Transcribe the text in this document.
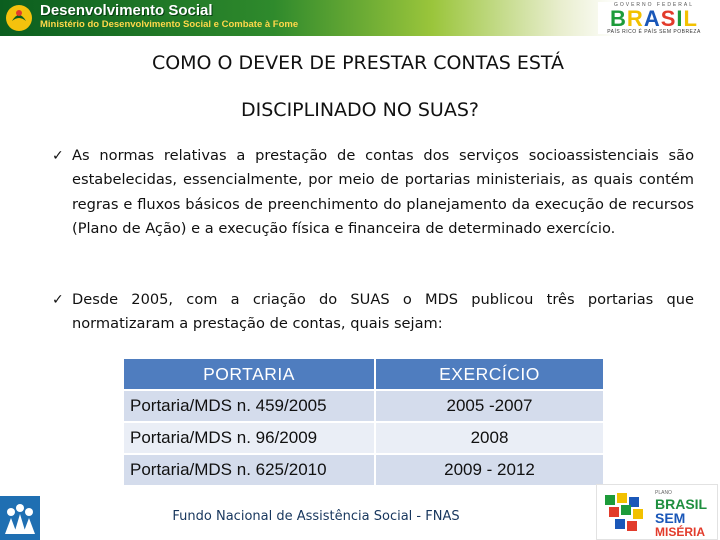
Desenvolvimento Social
Ministério do Desenvolvimento Social e Combate à Fome
GOVERNO FEDERAL
BRASIL
PAÍS RICO É PAÍS SEM POBREZA
COMO O DEVER DE PRESTAR CONTAS ESTÁ
DISCIPLINADO NO SUAS?
✓ As normas relativas a prestação de contas dos serviços socioassistenciais são estabelecidas, essencialmente, por meio de portarias ministeriais, as quais contém regras e fluxos básicos de preenchimento do planejamento da execução de recursos (Plano de Ação) e a execução física e financeira de determinado exercício.
✓ Desde 2005, com a criação do SUAS o MDS publicou três portarias que normatizaram a prestação de contas, quais sejam:
PORTARIA	EXERCÍCIO
Portaria/MDS n. 459/2005	2005 -2007
Portaria/MDS n. 96/2009	2008
Portaria/MDS n. 625/2010	2009 - 2012
Fundo Nacional de Assistência Social - FNAS
PLANO
BRASIL
SEM
MISÉRIA
